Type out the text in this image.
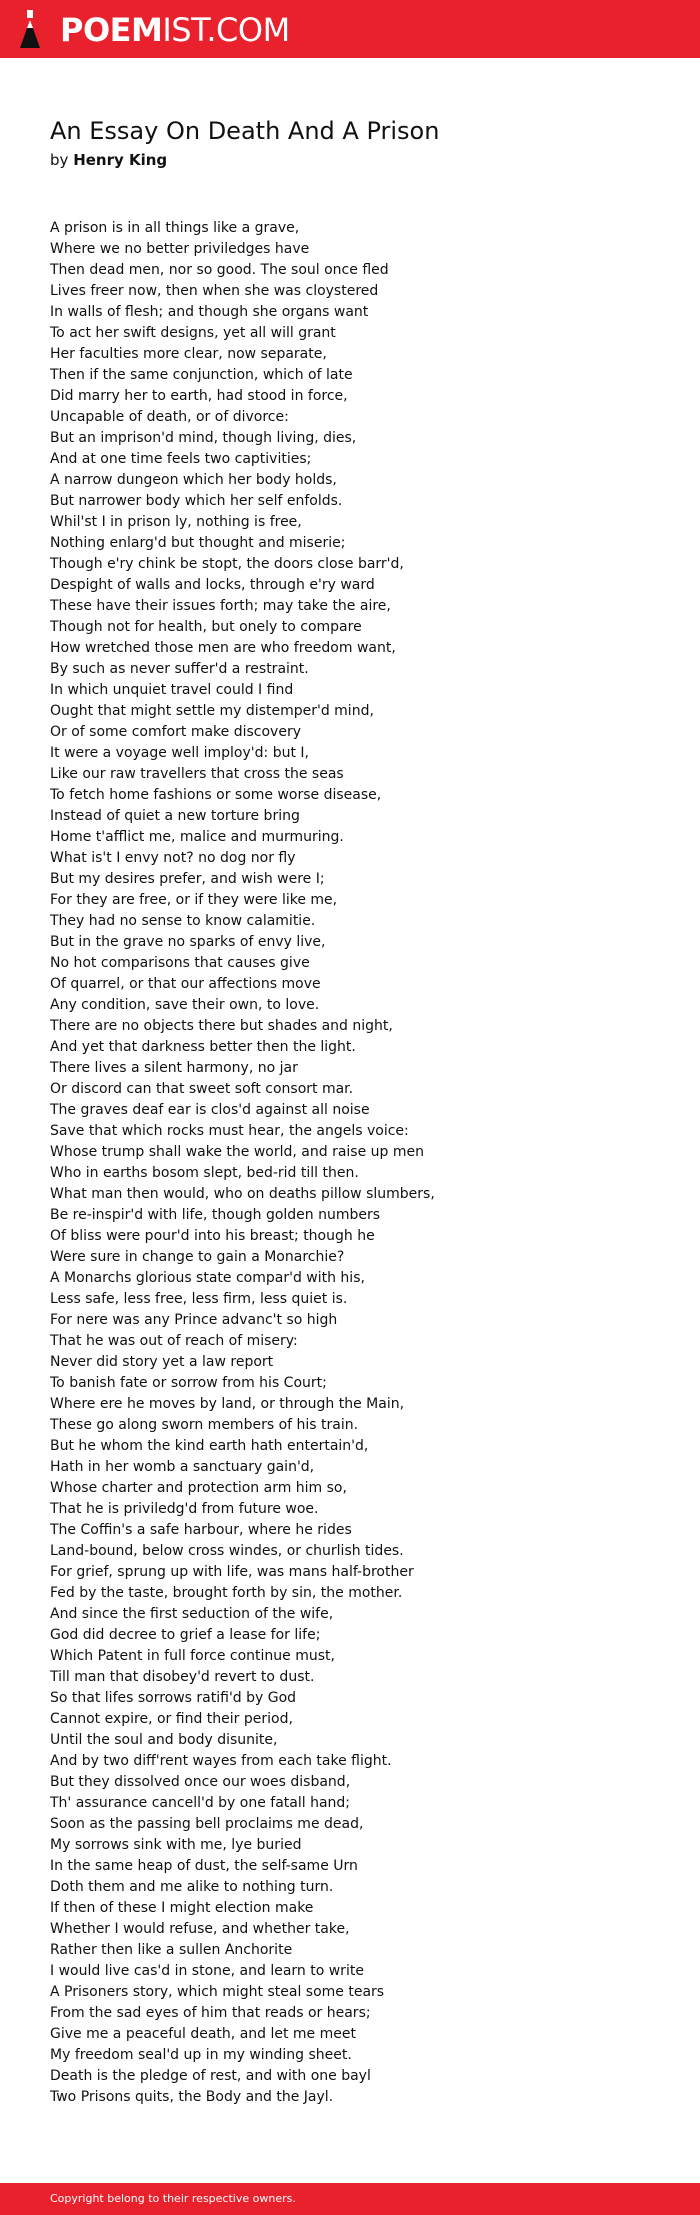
POEMIST.COM
An Essay On Death And A Prison
by Henry King
A prison is in all things like a grave,
Where we no better priviledges have
Then dead men, nor so good. The soul once fled
Lives freer now, then when she was cloystered
In walls of flesh; and though she organs want
To act her swift designs, yet all will grant
Her faculties more clear, now separate,
Then if the same conjunction, which of late
Did marry her to earth, had stood in force,
Uncapable of death, or of divorce:
But an imprison'd mind, though living, dies,
And at one time feels two captivities;
A narrow dungeon which her body holds,
But narrower body which her self enfolds.
Whil'st I in prison ly, nothing is free,
Nothing enlarg'd but thought and miserie;
Though e'ry chink be stopt, the doors close barr'd,
Despight of walls and locks, through e'ry ward
These have their issues forth; may take the aire,
Though not for health, but onely to compare
How wretched those men are who freedom want,
By such as never suffer'd a restraint.
In which unquiet travel could I find
Ought that might settle my distemper'd mind,
Or of some comfort make discovery
It were a voyage well imploy'd: but I,
Like our raw travellers that cross the seas
To fetch home fashions or some worse disease,
Instead of quiet a new torture bring
Home t'afflict me, malice and murmuring.
What is't I envy not? no dog nor fly
But my desires prefer, and wish were I;
For they are free, or if they were like me,
They had no sense to know calamitie.
But in the grave no sparks of envy live,
No hot comparisons that causes give
Of quarrel, or that our affections move
Any condition, save their own, to love.
There are no objects there but shades and night,
And yet that darkness better then the light.
There lives a silent harmony, no jar
Or discord can that sweet soft consort mar.
The graves deaf ear is clos'd against all noise
Save that which rocks must hear, the angels voice:
Whose trump shall wake the world, and raise up men
Who in earths bosom slept, bed-rid till then.
What man then would, who on deaths pillow slumbers,
Be re-inspir'd with life, though golden numbers
Of bliss were pour'd into his breast; though he
Were sure in change to gain a Monarchie?
A Monarchs glorious state compar'd with his,
Less safe, less free, less firm, less quiet is.
For nere was any Prince advanc't so high
That he was out of reach of misery:
Never did story yet a law report
To banish fate or sorrow from his Court;
Where ere he moves by land, or through the Main,
These go along sworn members of his train.
But he whom the kind earth hath entertain'd,
Hath in her womb a sanctuary gain'd,
Whose charter and protection arm him so,
That he is priviledg'd from future woe.
The Coffin's a safe harbour, where he rides
Land-bound, below cross windes, or churlish tides.
For grief, sprung up with life, was mans half-brother
Fed by the taste, brought forth by sin, the mother.
And since the first seduction of the wife,
God did decree to grief a lease for life;
Which Patent in full force continue must,
Till man that disobey'd revert to dust.
So that lifes sorrows ratifi'd by God
Cannot expire, or find their period,
Until the soul and body disunite,
And by two diff'rent wayes from each take flight.
But they dissolved once our woes disband,
Th' assurance cancell'd by one fatall hand;
Soon as the passing bell proclaims me dead,
My sorrows sink with me, lye buried
In the same heap of dust, the self-same Urn
Doth them and me alike to nothing turn.
If then of these I might election make
Whether I would refuse, and whether take,
Rather then like a sullen Anchorite
I would live cas'd in stone, and learn to write
A Prisoners story, which might steal some tears
From the sad eyes of him that reads or hears;
Give me a peaceful death, and let me meet
My freedom seal'd up in my winding sheet.
Death is the pledge of rest, and with one bayl
Two Prisons quits, the Body and the Jayl.
Copyright belong to their respective owners.
